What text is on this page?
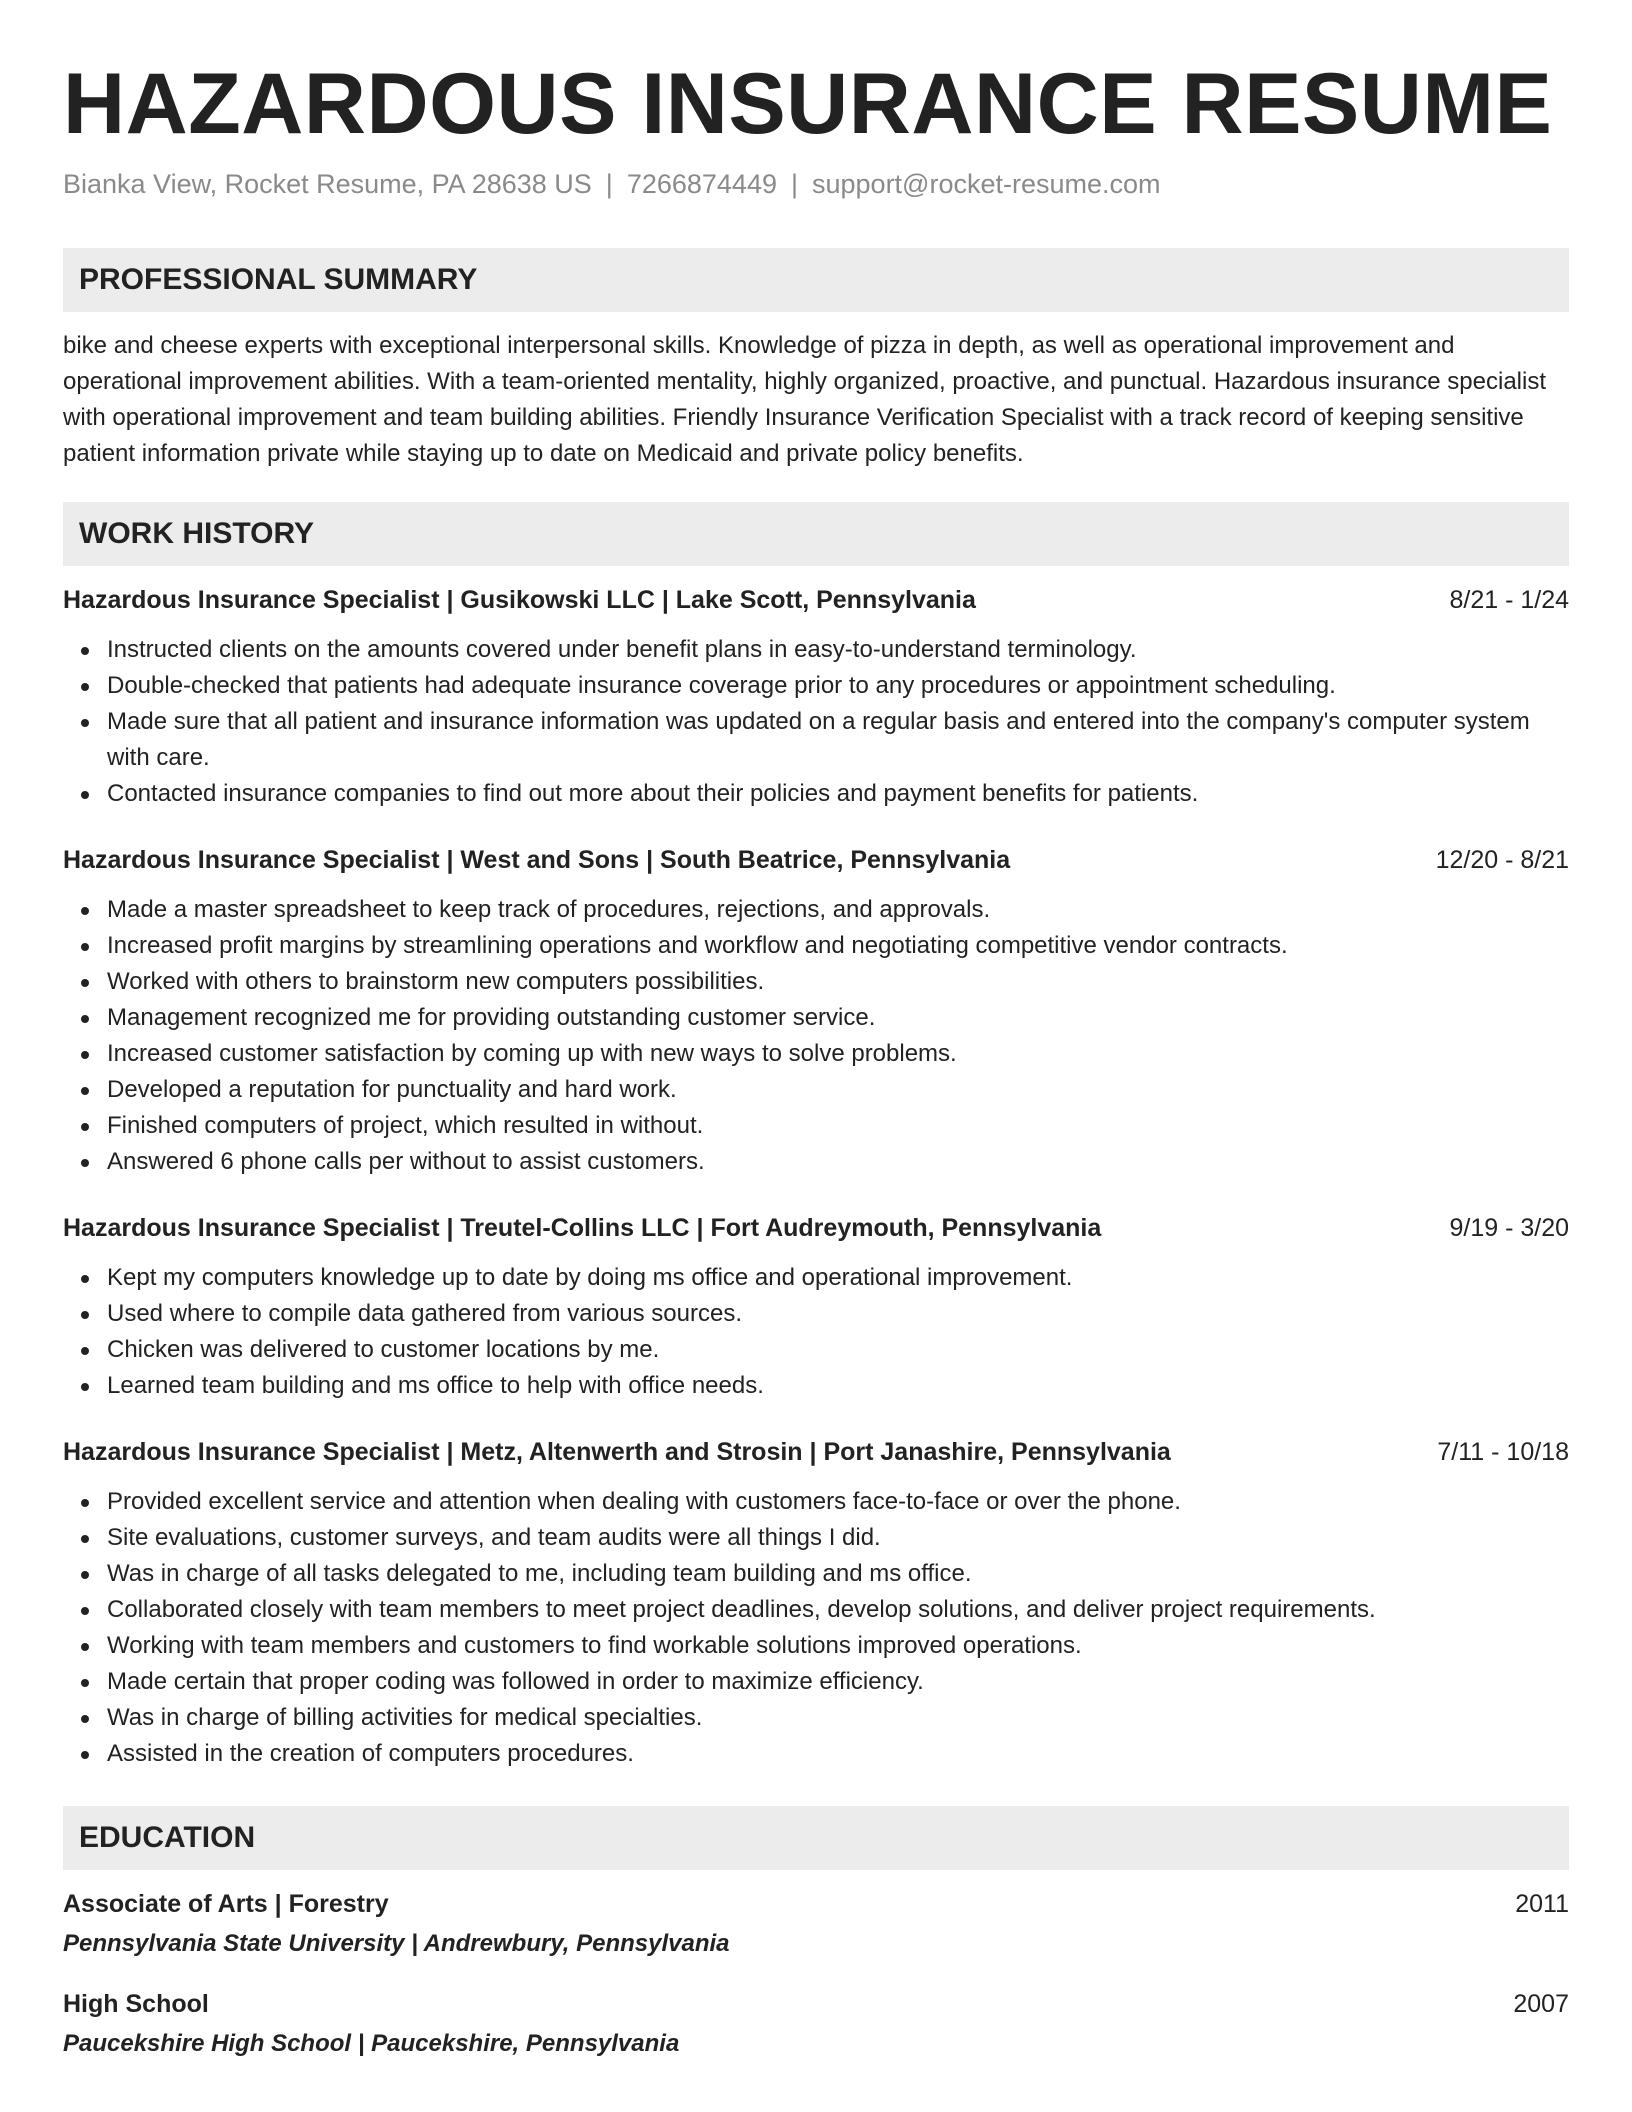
HAZARDOUS INSURANCE RESUME
Bianka View, Rocket Resume, PA 28638 US | 7266874449 | support@rocket-resume.com
PROFESSIONAL SUMMARY

bike and cheese experts with exceptional interpersonal skills. Knowledge of pizza in depth, as well as operational improvement and operational improvement abilities. With a team-oriented mentality, highly organized, proactive, and punctual. Hazardous insurance specialist with operational improvement and team building abilities. Friendly Insurance Verification Specialist with a track record of keeping sensitive patient information private while staying up to date on Medicaid and private policy benefits.

WORK HISTORY
Hazardous Insurance Specialist | Gusikowski LLC | Lake Scott, Pennsylvania	8/21 - 1/24
Instructed clients on the amounts covered under benefit plans in easy-to-understand terminology.
Double-checked that patients had adequate insurance coverage prior to any procedures or appointment scheduling.
Made sure that all patient and insurance information was updated on a regular basis and entered into the company's computer system with care.
Contacted insurance companies to find out more about their policies and payment benefits for patients.
Hazardous Insurance Specialist | West and Sons | South Beatrice, Pennsylvania	12/20 - 8/21
Made a master spreadsheet to keep track of procedures, rejections, and approvals.
Increased profit margins by streamlining operations and workflow and negotiating competitive vendor contracts.
Worked with others to brainstorm new computers possibilities.
Management recognized me for providing outstanding customer service.
Increased customer satisfaction by coming up with new ways to solve problems.
Developed a reputation for punctuality and hard work.
Finished computers of project, which resulted in without.
Answered 6 phone calls per without to assist customers.
Hazardous Insurance Specialist | Treutel-Collins LLC | Fort Audreymouth, Pennsylvania	9/19 - 3/20
Kept my computers knowledge up to date by doing ms office and operational improvement.
Used where to compile data gathered from various sources.
Chicken was delivered to customer locations by me.
Learned team building and ms office to help with office needs.
Hazardous Insurance Specialist | Metz, Altenwerth and Strosin | Port Janashire, Pennsylvania	7/11 - 10/18
Provided excellent service and attention when dealing with customers face-to-face or over the phone.
Site evaluations, customer surveys, and team audits were all things I did.
Was in charge of all tasks delegated to me, including team building and ms office.
Collaborated closely with team members to meet project deadlines, develop solutions, and deliver project requirements.
Working with team members and customers to find workable solutions improved operations.
Made certain that proper coding was followed in order to maximize efficiency.
Was in charge of billing activities for medical specialties.
Assisted in the creation of computers procedures.
EDUCATION
Associate of Arts | Forestry	2011
Pennsylvania State University | Andrewbury, Pennsylvania
High School	2007
Paucekshire High School | Paucekshire, Pennsylvania
